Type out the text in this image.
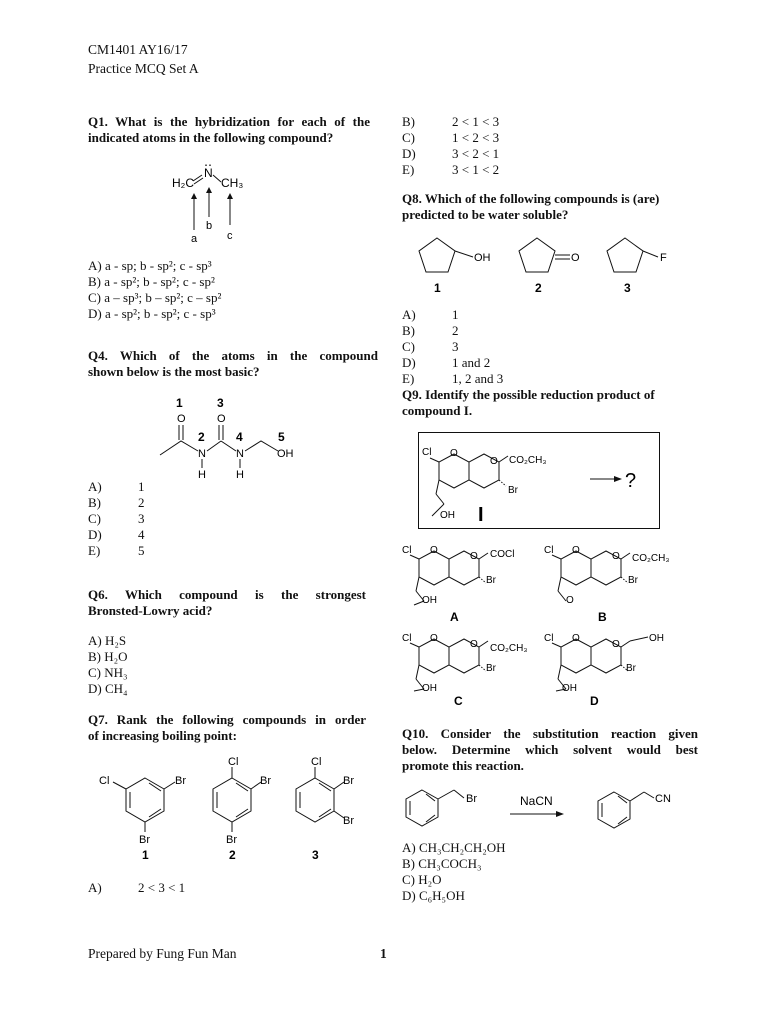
CM1401 AY16/17
Practice MCQ Set A
Q1. What is the hybridization for each of the
indicated atoms in the following compound?
H₂C
N
‥
CH₃
a
b
c
A) a - sp; b - sp²; c - sp³
B) a - sp²; b - sp²; c - sp²
C) a – sp³; b – sp²; c – sp²
D) a - sp²; b - sp²; c - sp³
Q4. Which of the atoms in the compound
shown below is the most basic?
1	3
O	O
2
N
4
N
5
OH
H	H
A)	1
B)	2
C)	3
D)	4
E)	5
Q6. Which compound is the strongest
Bronsted-Lowry acid?
A) H₂S
B) H₂O
C) NH₃
D) CH₄
Q7. Rank the following compounds in order
of increasing boiling point:
Cl	Br
Br
1
Cl
Br
Br
2
Cl
Br
Br
3
A)	2 < 3 < 1
B)	2 < 1 < 3
C)	1 < 2 < 3
D)	3 < 2 < 1
E)	3 < 1 < 2
Q8. Which of the following compounds is (are)
predicted to be water soluble?
OH
1
O
2
F
3
A)	1
B)	2
C)	3
D)	1 and 2
E)	1, 2 and 3
Q9. Identify the possible reduction product of
compound I.
Cl O
O CO₂CH₃
Br
OH I
?
Cl O
O COCl
Br
OH
A
Cl O
O CO₂CH₃
Br
O
B
Cl O
O CO₂CH₃
Br
OH
C
Cl O
O
OH
Br
OH
D
Q10. Consider the substitution reaction given
below. Determine which solvent would best
promote this reaction.
Br	NaCN	CN
A) CH₃CH₂CH₂OH
B) CH₃COCH₃
C) H₂O
D) C₆H₅OH
Prepared by Fung Fun Man	1
